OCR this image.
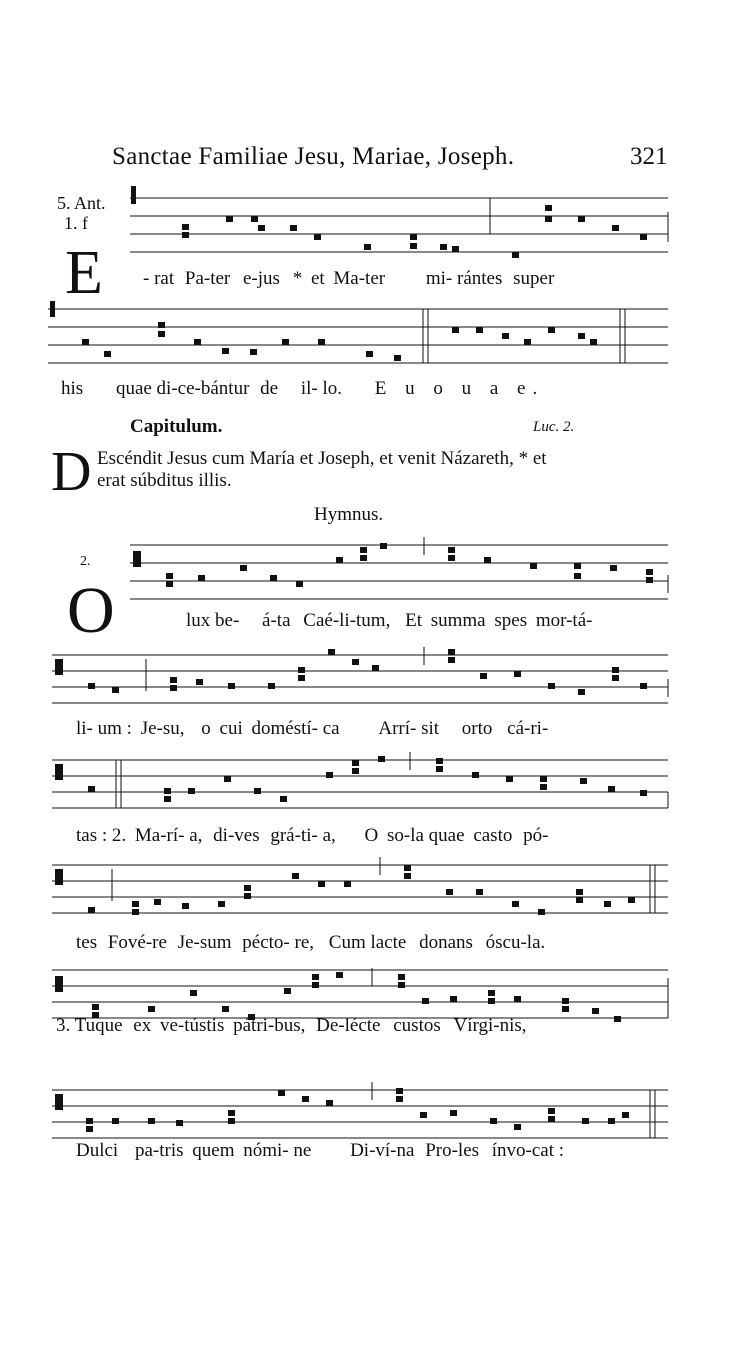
Sanctae Familiae Jesu, Mariae, Joseph.	321
5. Ant.
1. f
E - rat Pa-ter e-jus * et Ma-ter mi- rántes super
his quae di-ce-bántur de il- lo. E u o u a e.
Capitulum.	Luc. 2.
D Escéndit Jesus cum María et Joseph, et venit Názareth, * et
erat súbditus illis.
Hymnus.
2.
O	lux be- á-ta Caé-li-tum, Et summa spes mor-tá-
li- um : Je-su, o cui doméstí- ca Arrí- sit orto cá-ri-
tas : 2. Ma-rí- a, di-ves grá-ti- a, O so-la quae casto pó-
tes Fové-re Je-sum pécto- re, Cum lacte donans óscu-la.
3. Tuque ex ve-tústis pátri-bus, De-lécte custos Vírgi-nis,
Dulci pa-tris quem nómi- ne Di-ví-na Pro-les ínvo-cat :
